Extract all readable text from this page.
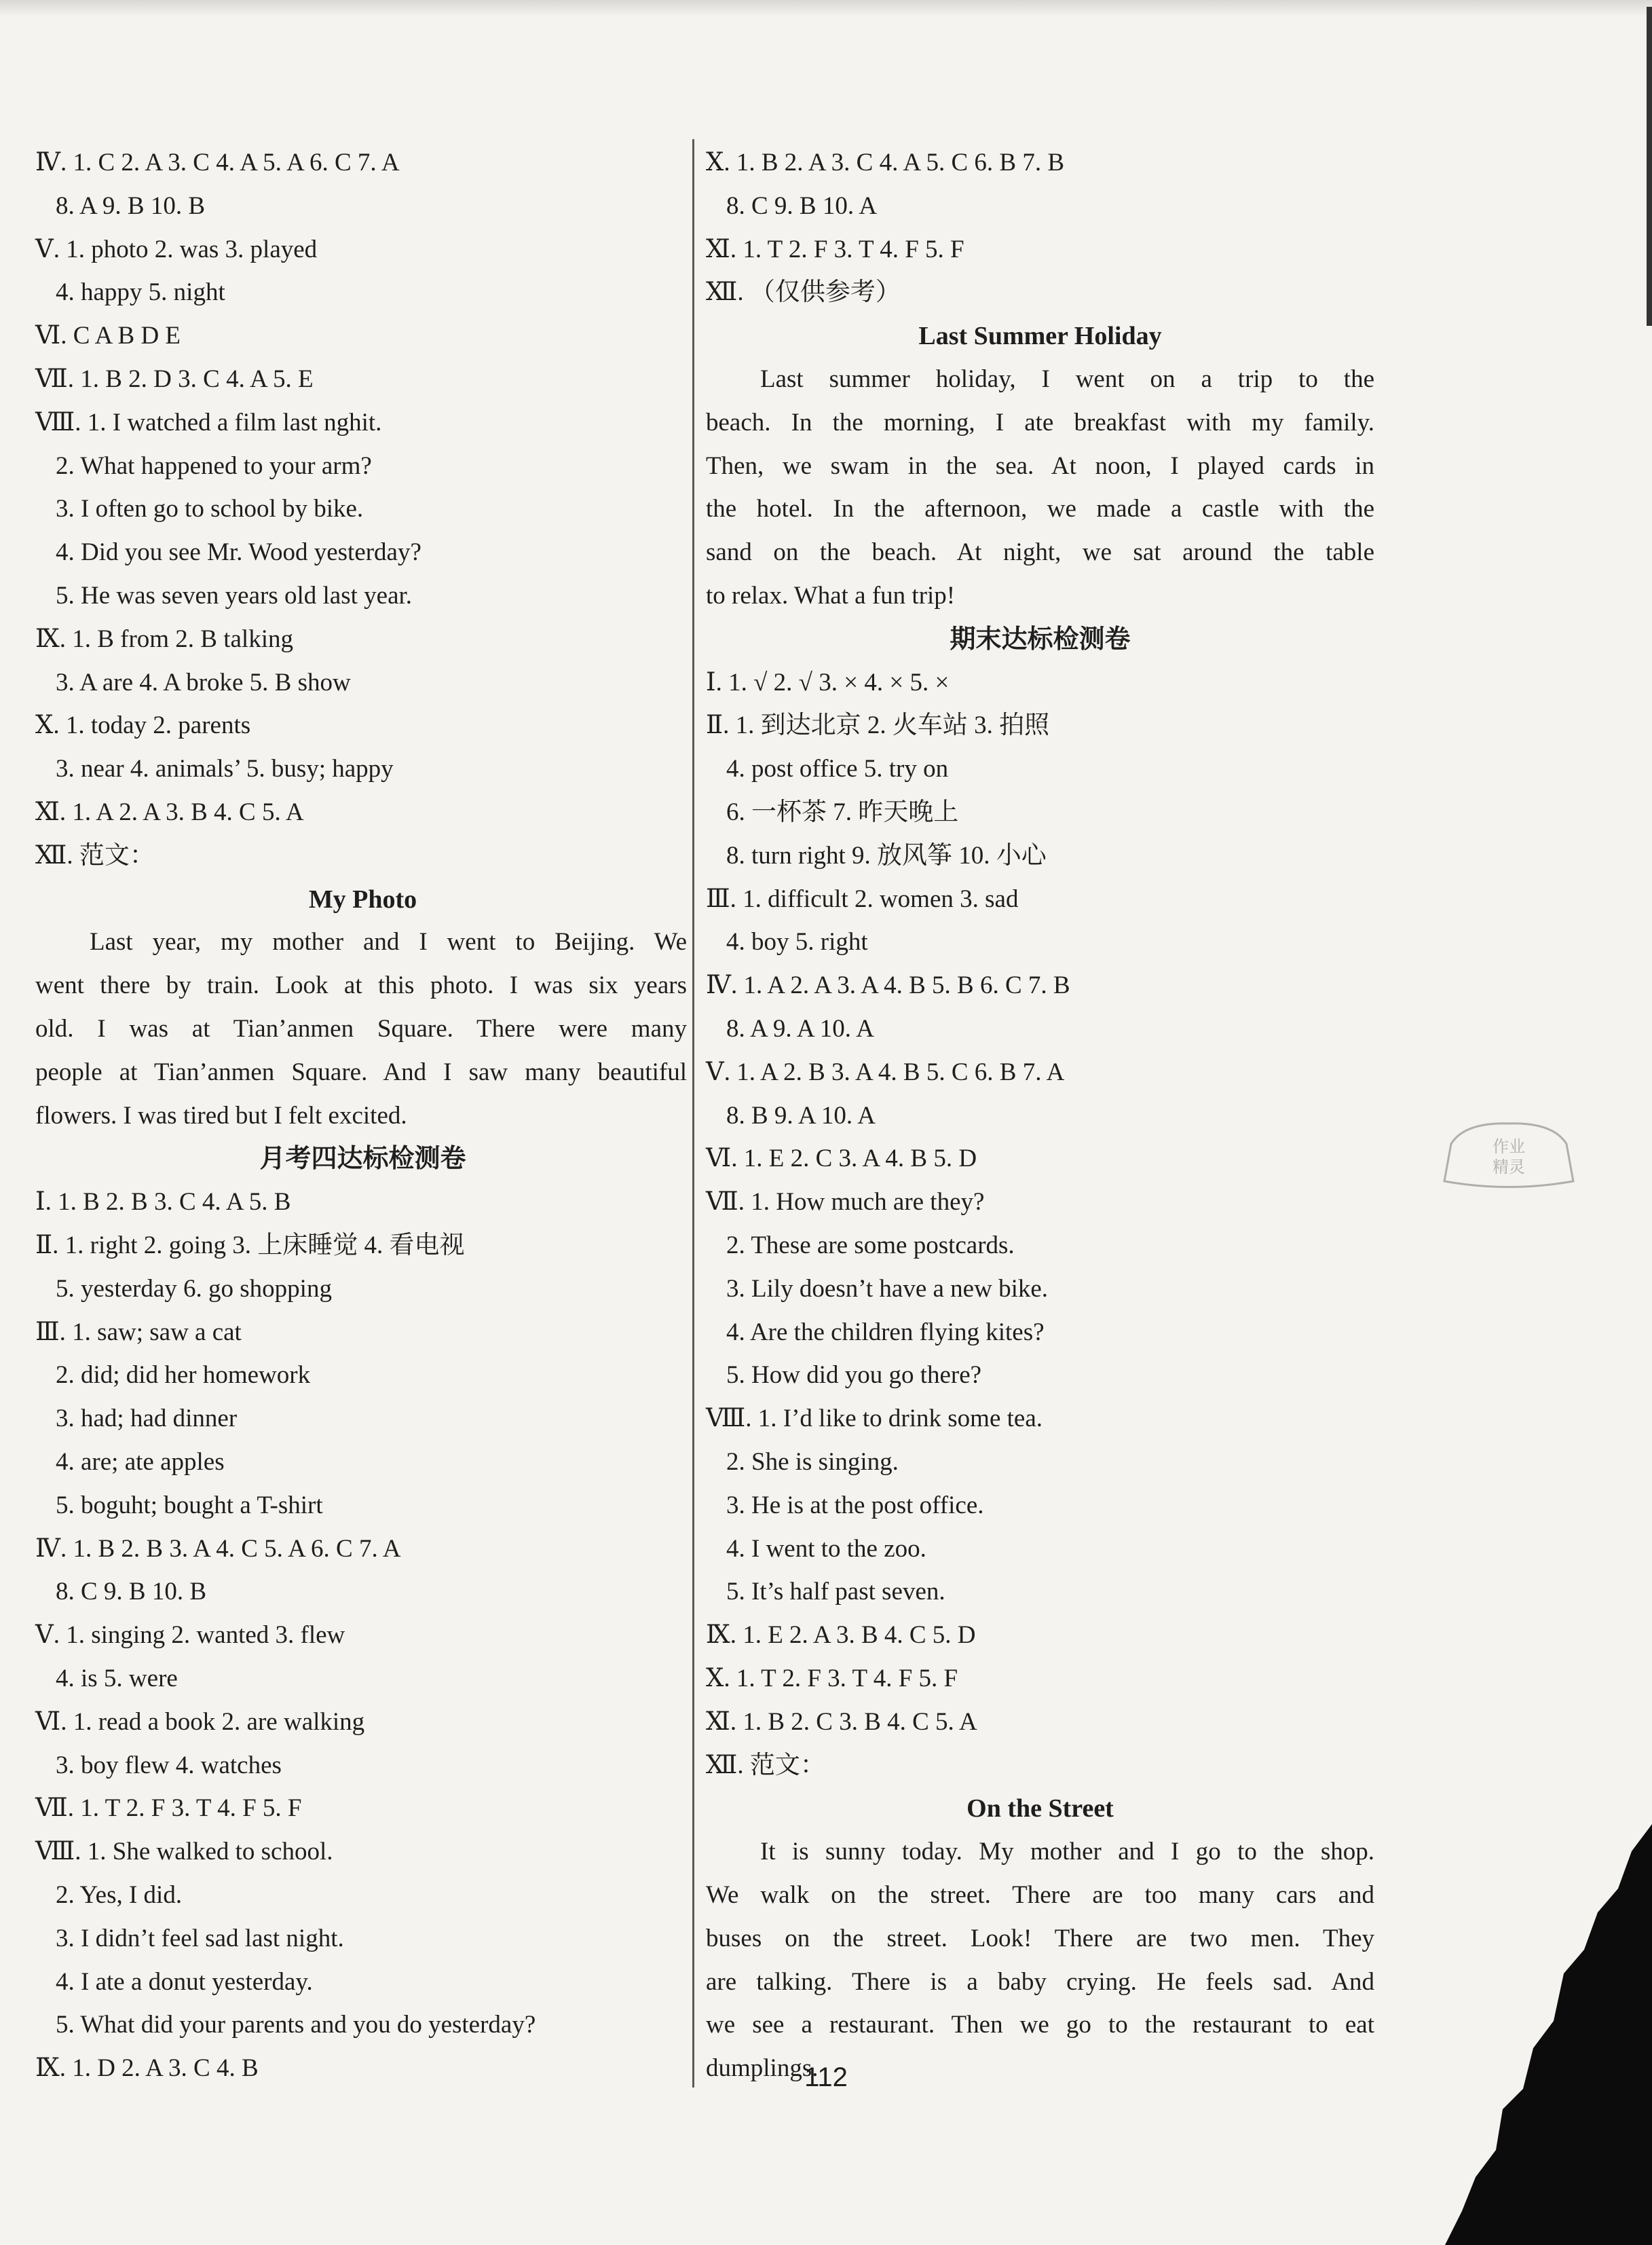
Ⅳ. 1. C 2. A 3. C 4. A 5. A 6. C 7. A
8. A 9. B 10. B
Ⅴ. 1. photo 2. was 3. played
4. happy 5. night
Ⅵ. C A B D E
Ⅶ. 1. B 2. D 3. C 4. A 5. E
Ⅷ. 1. I watched a film last nghit.
2. What happened to your arm?
3. I often go to school by bike.
4. Did you see Mr. Wood yesterday?
5. He was seven years old last year.
Ⅸ. 1. B from 2. B talking
3. A are 4. A broke 5. B show
Ⅹ. 1. today 2. parents
3. near 4. animals’ 5. busy; happy
Ⅺ. 1. A 2. A 3. B 4. C 5. A
Ⅻ. 范文：
My Photo
Last year, my mother and I went to Beijing. We
went there by train. Look at this photo. I was six years
old. I was at Tian’anmen Square. There were many
people at Tian’anmen Square. And I saw many beautiful
flowers. I was tired but I felt excited.
月考四达标检测卷
Ⅰ. 1. B 2. B 3. C 4. A 5. B
Ⅱ. 1. right 2. going 3. 上床睡觉 4. 看电视
5. yesterday 6. go shopping
Ⅲ. 1. saw; saw a cat
2. did; did her homework
3. had; had dinner
4. are; ate apples
5. boguht; bought a T-shirt
Ⅳ. 1. B 2. B 3. A 4. C 5. A 6. C 7. A
8. C 9. B 10. B
Ⅴ. 1. singing 2. wanted 3. flew
4. is 5. were
Ⅵ. 1. read a book 2. are walking
3. boy flew 4. watches
Ⅶ. 1. T 2. F 3. T 4. F 5. F
Ⅷ. 1. She walked to school.
2. Yes, I did.
3. I didn’t feel sad last night.
4. I ate a donut yesterday.
5. What did your parents and you do yesterday?
Ⅸ. 1. D 2. A 3. C 4. B
Ⅹ. 1. B 2. A 3. C 4. A 5. C 6. B 7. B
8. C 9. B 10. A
Ⅺ. 1. T 2. F 3. T 4. F 5. F
Ⅻ. （仅供参考）
Last Summer Holiday
Last summer holiday, I went on a trip to the
beach. In the morning, I ate breakfast with my family.
Then, we swam in the sea. At noon, I played cards in
the hotel. In the afternoon, we made a castle with the
sand on the beach. At night, we sat around the table
to relax. What a fun trip!
期末达标检测卷
Ⅰ. 1. √ 2. √ 3. × 4. × 5. ×
Ⅱ. 1. 到达北京 2. 火车站 3. 拍照
4. post office 5. try on
6. 一杯茶 7. 昨天晚上
8. turn right 9. 放风筝 10. 小心
Ⅲ. 1. difficult 2. women 3. sad
4. boy 5. right
Ⅳ. 1. A 2. A 3. A 4. B 5. B 6. C 7. B
8. A 9. A 10. A
Ⅴ. 1. A 2. B 3. A 4. B 5. C 6. B 7. A
8. B 9. A 10. A
Ⅵ. 1. E 2. C 3. A 4. B 5. D
Ⅶ. 1. How much are they?
2. These are some postcards.
3. Lily doesn’t have a new bike.
4. Are the children flying kites?
5. How did you go there?
Ⅷ. 1. I’d like to drink some tea.
2. She is singing.
3. He is at the post office.
4. I went to the zoo.
5. It’s half past seven.
Ⅸ. 1. E 2. A 3. B 4. C 5. D
Ⅹ. 1. T 2. F 3. T 4. F 5. F
Ⅺ. 1. B 2. C 3. B 4. C 5. A
Ⅻ. 范文：
On the Street
It is sunny today. My mother and I go to the shop.
We walk on the street. There are too many cars and
buses on the street. Look! There are two men. They
are talking. There is a baby crying. He feels sad. And
we see a restaurant. Then we go to the restaurant to eat
dumplings.
112
作业
精灵
